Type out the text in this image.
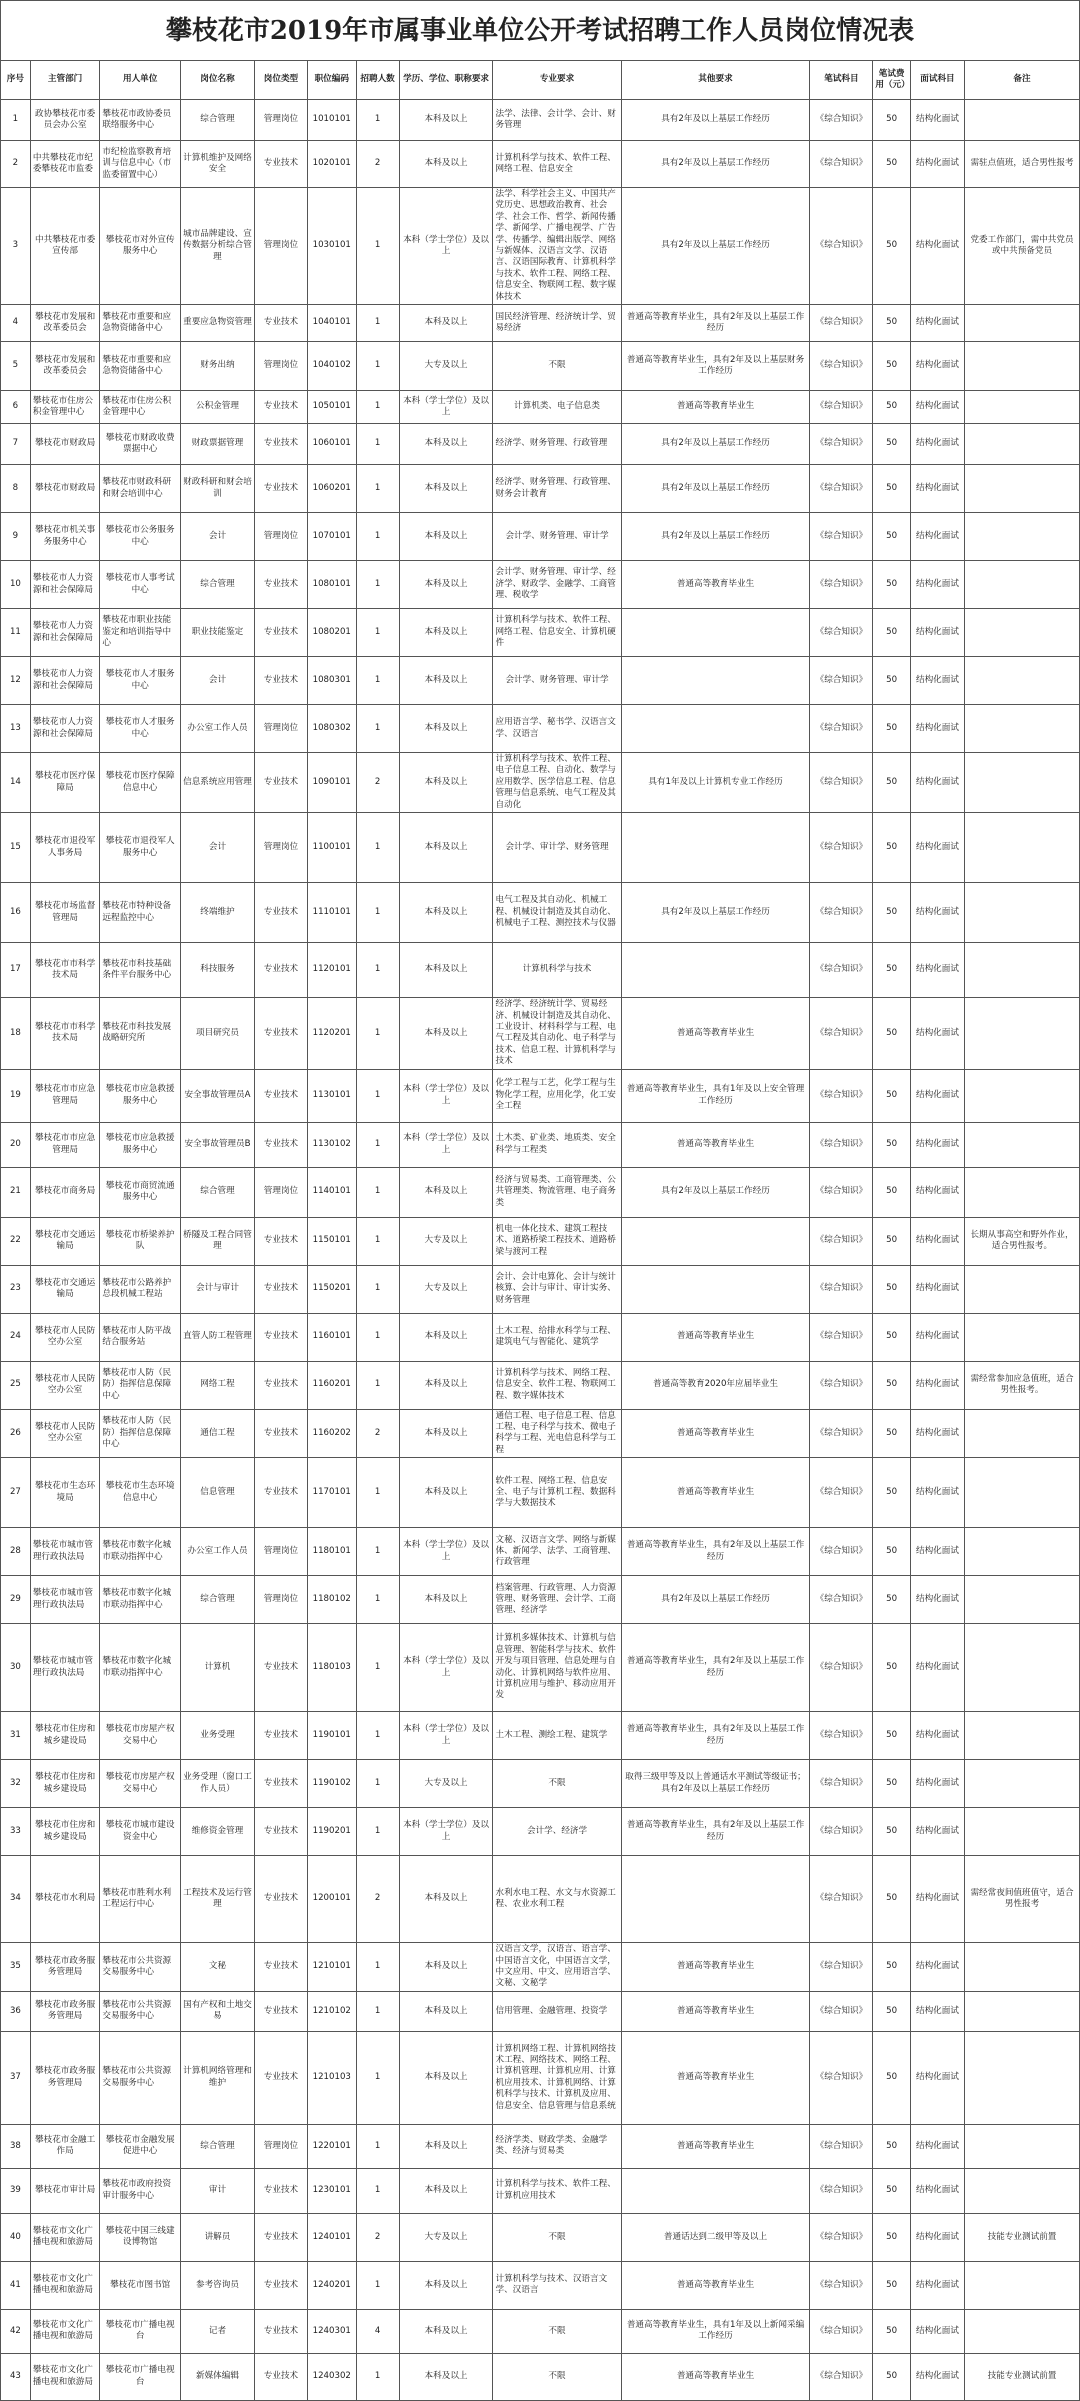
攀枝花市2019年市属事业单位公开考试招聘工作人员岗位情况表
序号	主管部门	用人单位	岗位名称	岗位类型	职位编码	招聘人数	学历、学位、职称要求	专业要求	其他要求	笔试科目	笔试费用（元）	面试科目	备注
1	政协攀枝花市委员会办公室	攀枝花市政协委员联络服务中心	综合管理	管理岗位	1010101	1	本科及以上	法学、法律、会计学、会计、财务管理	具有2年及以上基层工作经历	《综合知识》	50	结构化面试	
2	中共攀枝花市纪委攀枝花市监委	市纪检监察教育培训与信息中心（市监委留置中心）	计算机维护及网络安全	专业技术	1020101	2	本科及以上	计算机科学与技术、软件工程、网络工程、信息安全	具有2年及以上基层工作经历	《综合知识》	50	结构化面试	需驻点值班，适合男性报考
3	中共攀枝花市委宣传部	攀枝花市对外宣传服务中心	城市品牌建设、宣传数据分析综合管理	管理岗位	1030101	1	本科（学士学位）及以上	法学、科学社会主义、中国共产党历史、思想政治教育、社会学、社会工作、哲学、新闻传播学、新闻学、广播电视学、广告学、传播学、编辑出版学、网络与新媒体、汉语言文学、汉语言、汉语国际教育、计算机科学与技术、软件工程、网络工程、信息安全、物联网工程、数字媒体技术	具有2年及以上基层工作经历	《综合知识》	50	结构化面试	党委工作部门，需中共党员或中共预备党员
4	攀枝花市发展和改革委员会	攀枝花市重要和应急物资储备中心	重要应急物资管理	专业技术	1040101	1	本科及以上	国民经济管理、经济统计学、贸易经济	普通高等教育毕业生，具有2年及以上基层工作经历	《综合知识》	50	结构化面试	
5	攀枝花市发展和改革委员会	攀枝花市重要和应急物资储备中心	财务出纳	管理岗位	1040102	1	大专及以上	不限	普通高等教育毕业生，具有2年及以上基层财务工作经历	《综合知识》	50	结构化面试	
6	攀枝花市住房公积金管理中心	攀枝花市住房公积金管理中心	公积金管理	专业技术	1050101	1	本科（学士学位）及以上	计算机类、电子信息类	普通高等教育毕业生	《综合知识》	50	结构化面试	
7	攀枝花市财政局	攀枝花市财政收费票据中心	财政票据管理	专业技术	1060101	1	本科及以上	经济学、财务管理、行政管理	具有2年及以上基层工作经历	《综合知识》	50	结构化面试	
8	攀枝花市财政局	攀枝花市财政科研和财会培训中心	财政科研和财会培训	专业技术	1060201	1	本科及以上	经济学、财务管理、行政管理、财务会计教育	具有2年及以上基层工作经历	《综合知识》	50	结构化面试	
9	攀枝花市机关事务服务中心	攀枝花市公务服务中心	会计	管理岗位	1070101	1	本科及以上	会计学、财务管理、审计学	具有2年及以上基层工作经历	《综合知识》	50	结构化面试	
10	攀枝花市人力资源和社会保障局	攀枝花市人事考试中心	综合管理	专业技术	1080101	1	本科及以上	会计学、财务管理、审计学、经济学、财政学、金融学、工商管理、税收学	普通高等教育毕业生	《综合知识》	50	结构化面试	
11	攀枝花市人力资源和社会保障局	攀枝花市职业技能鉴定和培训指导中心	职业技能鉴定	专业技术	1080201	1	本科及以上	计算机科学与技术、软件工程、网络工程、信息安全、计算机硬件		《综合知识》	50	结构化面试	
12	攀枝花市人力资源和社会保障局	攀枝花市人才服务中心	会计	专业技术	1080301	1	本科及以上	会计学、财务管理、审计学		《综合知识》	50	结构化面试	
13	攀枝花市人力资源和社会保障局	攀枝花市人才服务中心	办公室工作人员	管理岗位	1080302	1	本科及以上	应用语言学、秘书学、汉语言文学、汉语言		《综合知识》	50	结构化面试	
14	攀枝花市医疗保障局	攀枝花市医疗保障信息中心	信息系统应用管理	专业技术	1090101	2	本科及以上	计算机科学与技术、软件工程、电子信息工程、自动化、数学与应用数学、医学信息工程、信息管理与信息系统、电气工程及其自动化	具有1年及以上计算机专业工作经历	《综合知识》	50	结构化面试	
15	攀枝花市退役军人事务局	攀枝花市退役军人服务中心	会计	管理岗位	1100101	1	本科及以上	会计学、审计学、财务管理		《综合知识》	50	结构化面试	
16	攀枝花市场监督管理局	攀枝花市特种设备远程监控中心	终端维护	专业技术	1110101	1	本科及以上	电气工程及其自动化、机械工程、机械设计制造及其自动化、机械电子工程、测控技术与仪器	具有2年及以上基层工作经历	《综合知识》	50	结构化面试	
17	攀枝花市市科学技术局	攀枝花市科技基础条件平台服务中心	科技服务	专业技术	1120101	1	本科及以上	计算机科学与技术		《综合知识》	50	结构化面试	
18	攀枝花市市科学技术局	攀枝花市科技发展战略研究所	项目研究员	专业技术	1120201	1	本科及以上	经济学、经济统计学、贸易经济、机械设计制造及其自动化、工业设计、材料科学与工程、电气工程及其自动化、电子科学与技术、信息工程、计算机科学与技术	普通高等教育毕业生	《综合知识》	50	结构化面试	
19	攀枝花市市应急管理局	攀枝花市应急救援服务中心	安全事故管理员A	专业技术	1130101	1	本科（学士学位）及以上	化学工程与工艺，化学工程与生物化学工程，应用化学，化工安全工程	普通高等教育毕业生，具有1年及以上安全管理工作经历	《综合知识》	50	结构化面试	
20	攀枝花市市应急管理局	攀枝花市应急救援服务中心	安全事故管理员B	专业技术	1130102	1	本科（学士学位）及以上	土木类、矿业类、地质类、安全科学与工程类	普通高等教育毕业生	《综合知识》	50	结构化面试	
21	攀枝花市商务局	攀枝花市商贸流通服务中心	综合管理	管理岗位	1140101	1	本科及以上	经济与贸易类、工商管理类、公共管理类、物流管理、电子商务类	具有2年及以上基层工作经历	《综合知识》	50	结构化面试	
22	攀枝花市交通运输局	攀枝花市桥梁养护队	桥隧及工程合同管理	专业技术	1150101	1	大专及以上	机电一体化技术、建筑工程技术、道路桥梁工程技术、道路桥梁与渡河工程		《综合知识》	50	结构化面试	长期从事高空和野外作业，适合男性报考。
23	攀枝花市交通运输局	攀枝花市公路养护总段机械工程站	会计与审计	专业技术	1150201	1	大专及以上	会计、会计电算化、会计与统计核算、会计与审计、审计实务、财务管理		《综合知识》	50	结构化面试	
24	攀枝花市人民防空办公室	攀枝花市人防平战结合服务站	直管人防工程管理	专业技术	1160101	1	本科及以上	土木工程、给排水科学与工程、建筑电气与智能化、建筑学	普通高等教育毕业生	《综合知识》	50	结构化面试	
25	攀枝花市人民防空办公室	攀枝花市人防（民防）指挥信息保障中心	网络工程	专业技术	1160201	1	本科及以上	计算机科学与技术、网络工程、信息安全、软件工程、物联网工程、数字媒体技术	普通高等教育2020年应届毕业生	《综合知识》	50	结构化面试	需经常参加应急值班，适合男性报考。
26	攀枝花市人民防空办公室	攀枝花市人防（民防）指挥信息保障中心	通信工程	专业技术	1160202	2	本科及以上	通信工程、电子信息工程、信息工程、电子科学与技术、微电子科学与工程、光电信息科学与工程	普通高等教育毕业生	《综合知识》	50	结构化面试	
27	攀枝花市生态环境局	攀枝花市生态环境信息中心	信息管理	专业技术	1170101	1	本科及以上	软件工程、网络工程、信息安全、电子与计算机工程、数据科学与大数据技术	普通高等教育毕业生	《综合知识》	50	结构化面试	
28	攀枝花市城市管理行政执法局	攀枝花市数字化城市联动指挥中心	办公室工作人员	管理岗位	1180101	1	本科（学士学位）及以上	文秘、汉语言文学、网络与新媒体、新闻学、法学、工商管理、行政管理	普通高等教育毕业生，具有2年及以上基层工作经历	《综合知识》	50	结构化面试	
29	攀枝花市城市管理行政执法局	攀枝花市数字化城市联动指挥中心	综合管理	管理岗位	1180102	1	本科及以上	档案管理、行政管理、人力资源管理、财务管理、会计学、工商管理、经济学	具有2年及以上基层工作经历	《综合知识》	50	结构化面试	
30	攀枝花市城市管理行政执法局	攀枝花市数字化城市联动指挥中心	计算机	专业技术	1180103	1	本科（学士学位）及以上	计算机多媒体技术、计算机与信息管理、智能科学与技术、软件开发与项目管理、信息处理与自动化、计算机网络与软件应用、计算机应用与维护、移动应用开发	普通高等教育毕业生，具有2年及以上基层工作经历	《综合知识》	50	结构化面试	
31	攀枝花市住房和城乡建设局	攀枝花市房屋产权交易中心	业务受理	专业技术	1190101	1	本科（学士学位）及以上	土木工程、测绘工程、建筑学	普通高等教育毕业生，具有2年及以上基层工作经历	《综合知识》	50	结构化面试	
32	攀枝花市住房和城乡建设局	攀枝花市房屋产权交易中心	业务受理（窗口工作人员）	专业技术	1190102	1	大专及以上	不限	取得三级甲等及以上普通话水平测试等级证书；具有2年及以上基层工作经历	《综合知识》	50	结构化面试	
33	攀枝花市住房和城乡建设局	攀枝花市城市建设资金中心	维修资金管理	专业技术	1190201	1	本科（学士学位）及以上	会计学、经济学	普通高等教育毕业生，具有2年及以上基层工作经历	《综合知识》	50	结构化面试	
34	攀枝花市水利局	攀枝花市胜利水利工程运行中心	工程技术及运行管理	专业技术	1200101	2	本科及以上	水利水电工程、水文与水资源工程、农业水利工程		《综合知识》	50	结构化面试	需经常夜间值班值守，适合男性报考
35	攀枝花市政务服务管理局	攀枝花市公共资源交易服务中心	文秘	专业技术	1210101	1	本科及以上	汉语言文学，汉语言、语言学、中国语言文化，中国语言文学，中文应用、中文、应用语言学、文秘、文秘学	普通高等教育毕业生	《综合知识》	50	结构化面试	
36	攀枝花市政务服务管理局	攀枝花市公共资源交易服务中心	国有产权和土地交易	专业技术	1210102	1	本科及以上	信用管理、金融管理、投资学	普通高等教育毕业生	《综合知识》	50	结构化面试	
37	攀枝花市政务服务管理局	攀枝花市公共资源交易服务中心	计算机网络管理和维护	专业技术	1210103	1	本科及以上	计算机网络工程、计算机网络技术工程、网络技术、网络工程、计算机管理、计算机应用、计算机应用技术、计算机网络、计算机科学与技术、计算机及应用、信息安全、信息管理与信息系统	普通高等教育毕业生	《综合知识》	50	结构化面试	
38	攀枝花市金融工作局	攀枝花市金融发展促进中心	综合管理	管理岗位	1220101	1	本科及以上	经济学类、财政学类、金融学类、经济与贸易类	普通高等教育毕业生	《综合知识》	50	结构化面试	
39	攀枝花市审计局	攀枝花市政府投资审计服务中心	审计	专业技术	1230101	1	本科及以上	计算机科学与技术、软件工程、计算机应用技术		《综合知识》	50	结构化面试	
40	攀枝花市文化广播电视和旅游局	攀枝花中国三线建设博物馆	讲解员	专业技术	1240101	2	大专及以上	不限	普通话达到二级甲等及以上	《综合知识》	50	结构化面试	技能专业测试前置
41	攀枝花市文化广播电视和旅游局	攀枝花市图书馆	参考咨询员	专业技术	1240201	1	本科及以上	计算机科学与技术、汉语言文学、汉语言	普通高等教育毕业生	《综合知识》	50	结构化面试	
42	攀枝花市文化广播电视和旅游局	攀枝花市广播电视台	记者	专业技术	1240301	4	本科及以上	不限	普通高等教育毕业生，具有1年及以上新闻采编工作经历	《综合知识》	50	结构化面试	
43	攀枝花市文化广播电视和旅游局	攀枝花市广播电视台	新媒体编辑	专业技术	1240302	1	本科及以上	不限	普通高等教育毕业生	《综合知识》	50	结构化面试	技能专业测试前置
